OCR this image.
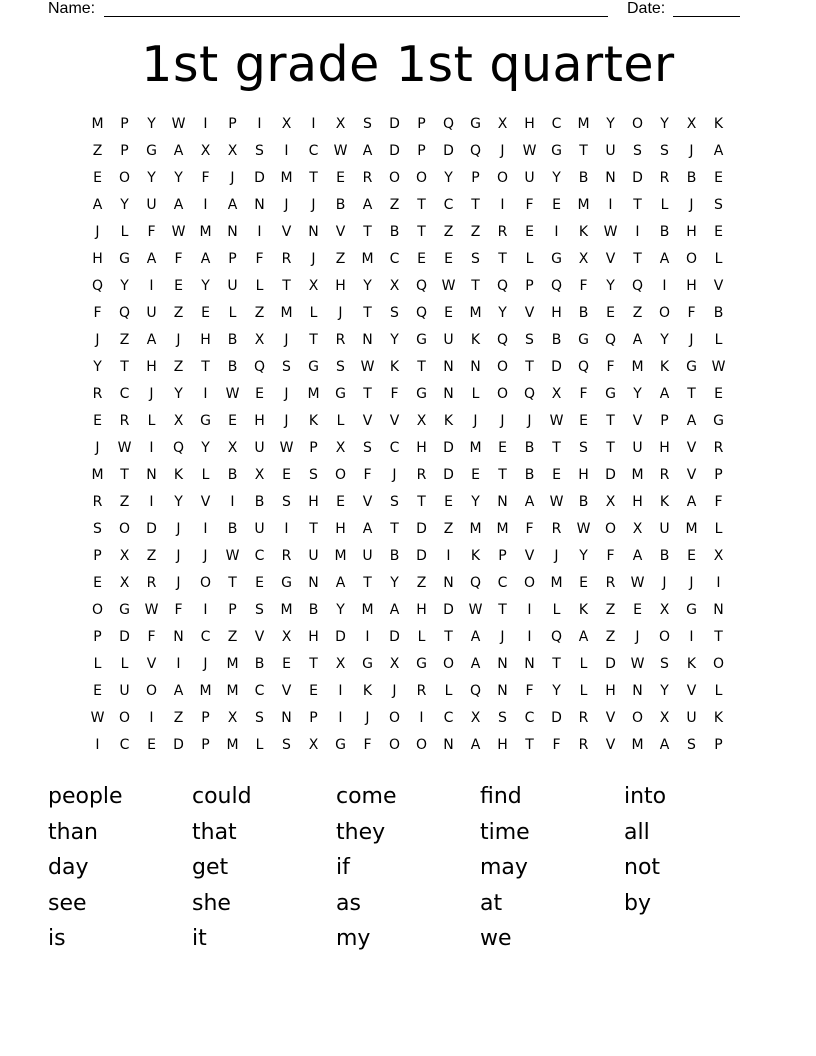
Name:	Date:
1st grade 1st quarter
M	P	Y	W	I	P	I	X	I	X	S	D	P	Q	G	X	H	C	M	Y	O	Y	X	K
Z	P	G	A	X	X	S	I	C	W	A	D	P	D	Q	J	W	G	T	U	S	S	J	A
E	O	Y	Y	F	J	D	M	T	E	R	O	O	Y	P	O	U	Y	B	N	D	R	B	E
A	Y	U	A	I	A	N	J	J	B	A	Z	T	C	T	I	F	E	M	I	T	L	J	S
J	L	F	W	M	N	I	V	N	V	T	B	T	Z	Z	R	E	I	K	W	I	B	H	E
H	G	A	F	A	P	F	R	J	Z	M	C	E	E	S	T	L	G	X	V	T	A	O	L
Q	Y	I	E	Y	U	L	T	X	H	Y	X	Q	W	T	Q	P	Q	F	Y	Q	I	H	V
F	Q	U	Z	E	L	Z	M	L	J	T	S	Q	E	M	Y	V	H	B	E	Z	O	F	B
J	Z	A	J	H	B	X	J	T	R	N	Y	G	U	K	Q	S	B	G	Q	A	Y	J	L
Y	T	H	Z	T	B	Q	S	G	S	W	K	T	N	N	O	T	D	Q	F	M	K	G	W
R	C	J	Y	I	W	E	J	M	G	T	F	G	N	L	O	Q	X	F	G	Y	A	T	E
E	R	L	X	G	E	H	J	K	L	V	V	X	K	J	J	J	W	E	T	V	P	A	G
J	W	I	Q	Y	X	U	W	P	X	S	C	H	D	M	E	B	T	S	T	U	H	V	R
M	T	N	K	L	B	X	E	S	O	F	J	R	D	E	T	B	E	H	D	M	R	V	P
R	Z	I	Y	V	I	B	S	H	E	V	S	T	E	Y	N	A	W	B	X	H	K	A	F
S	O	D	J	I	B	U	I	T	H	A	T	D	Z	M	M	F	R	W	O	X	U	M	L
P	X	Z	J	J	W	C	R	U	M	U	B	D	I	K	P	V	J	Y	F	A	B	E	X
E	X	R	J	O	T	E	G	N	A	T	Y	Z	N	Q	C	O	M	E	R	W	J	J	I
O	G	W	F	I	P	S	M	B	Y	M	A	H	D	W	T	I	L	K	Z	E	X	G	N
P	D	F	N	C	Z	V	X	H	D	I	D	L	T	A	J	I	Q	A	Z	J	O	I	T
L	L	V	I	J	M	B	E	T	X	G	X	G	O	A	N	N	T	L	D	W	S	K	O
E	U	O	A	M	M	C	V	E	I	K	J	R	L	Q	N	F	Y	L	H	N	Y	V	L
W	O	I	Z	P	X	S	N	P	I	J	O	I	C	X	S	C	D	R	V	O	X	U	K
I	C	E	D	P	M	L	S	X	G	F	O	O	N	A	H	T	F	R	V	M	A	S	P
people	could	come	find	into
than	that	they	time	all
day	get	if	may	not
see	she	as	at	by
is	it	my	we
